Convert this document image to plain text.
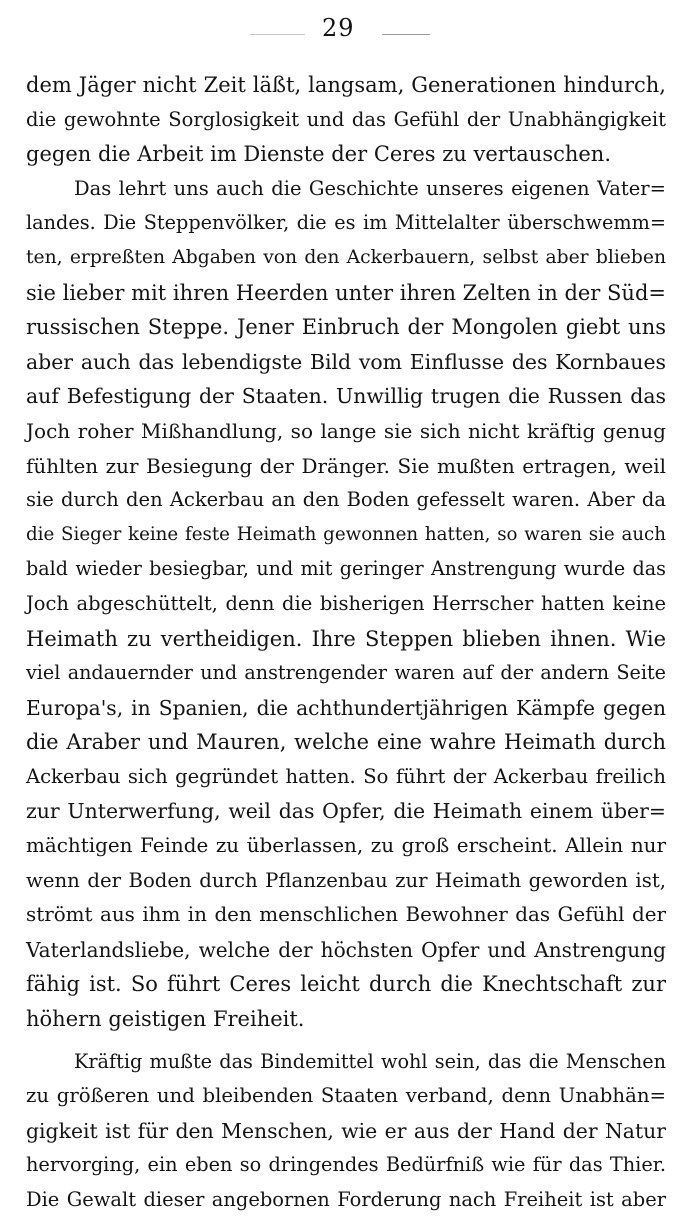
29
dem Jäger nicht Zeit läßt, langsam, Generationen hindurch,
die gewohnte Sorglosigkeit und das Gefühl der Unabhängigkeit
gegen die Arbeit im Dienste der Ceres zu vertauschen.
Das lehrt uns auch die Geschichte unseres eigenen Vater=
landes. Die Steppenvölker, die es im Mittelalter überschwemm=
ten, erpreßten Abgaben von den Ackerbauern, selbst aber blieben
sie lieber mit ihren Heerden unter ihren Zelten in der Süd=
russischen Steppe. Jener Einbruch der Mongolen giebt uns
aber auch das lebendigste Bild vom Einflusse des Kornbaues
auf Befestigung der Staaten. Unwillig trugen die Russen das
Joch roher Mißhandlung, so lange sie sich nicht kräftig genug
fühlten zur Besiegung der Dränger. Sie mußten ertragen, weil
sie durch den Ackerbau an den Boden gefesselt waren. Aber da
die Sieger keine feste Heimath gewonnen hatten, so waren sie auch
bald wieder besiegbar, und mit geringer Anstrengung wurde das
Joch abgeschüttelt, denn die bisherigen Herrscher hatten keine
Heimath zu vertheidigen. Ihre Steppen blieben ihnen. Wie
viel andauernder und anstrengender waren auf der andern Seite
Europa's, in Spanien, die achthundertjährigen Kämpfe gegen
die Araber und Mauren, welche eine wahre Heimath durch
Ackerbau sich gegründet hatten. So führt der Ackerbau freilich
zur Unterwerfung, weil das Opfer, die Heimath einem über=
mächtigen Feinde zu überlassen, zu groß erscheint. Allein nur
wenn der Boden durch Pflanzenbau zur Heimath geworden ist,
strömt aus ihm in den menschlichen Bewohner das Gefühl der
Vaterlandsliebe, welche der höchsten Opfer und Anstrengung
fähig ist. So führt Ceres leicht durch die Knechtschaft zur
höhern geistigen Freiheit.
Kräftig mußte das Bindemittel wohl sein, das die Menschen
zu größeren und bleibenden Staaten verband, denn Unabhän=
gigkeit ist für den Menschen, wie er aus der Hand der Natur
hervorging, ein eben so dringendes Bedürfniß wie für das Thier.
Die Gewalt dieser angebornen Forderung nach Freiheit ist aber
